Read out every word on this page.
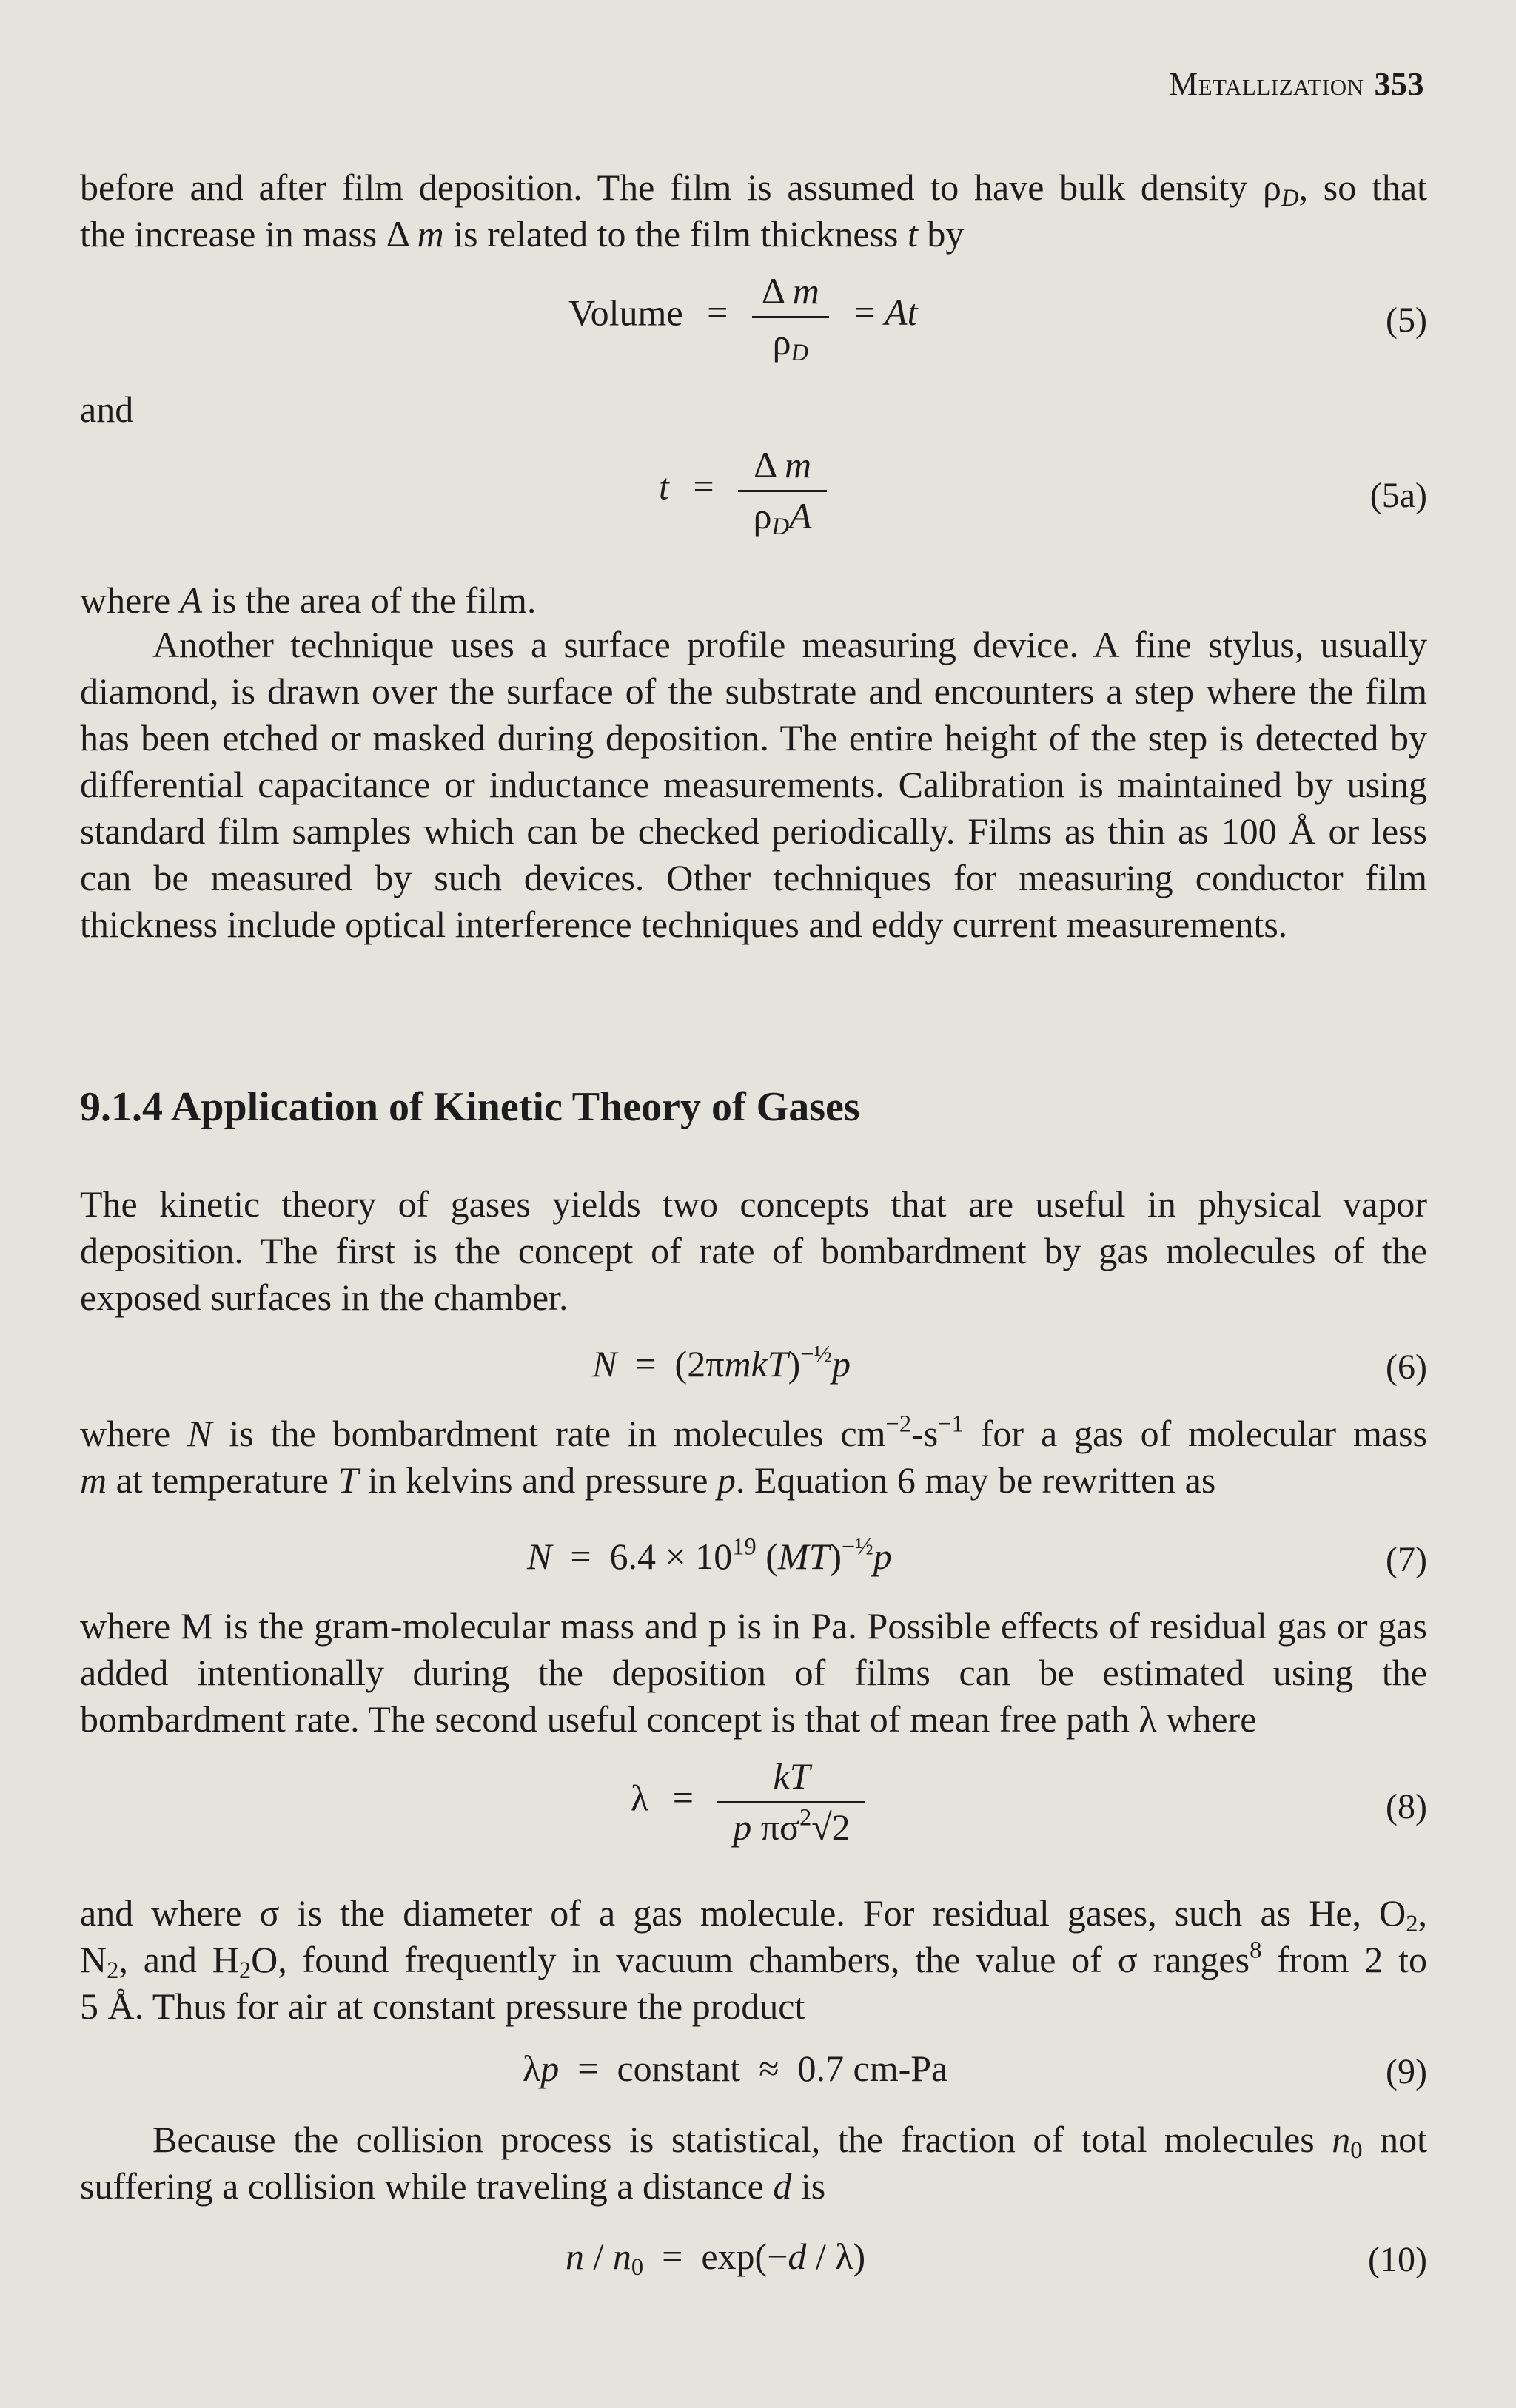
Metallization 353
before and after film deposition. The film is assumed to have bulk density $\rho_D$, so that
the increase in mass Δ m is related to the film thickness t by
Volume = $\frac{\text{Δ m}}{\rho_D} = At$	(5)
and
$t = \frac{\text{Δ m}}{\rho_DA}$	(5a)
where A is the area of the film.
Another technique uses a surface profile measuring device. A fine stylus, usually diamond, is drawn over the surface of the substrate and encounters a step where the film has been etched or masked during deposition. The entire height of the step is detected by differential capacitance or inductance measurements. Calibration is maintained by using standard film samples which can be checked periodically. Films as thin as 100 Å or less can be measured by such devices. Other techniques for measuring conductor film thickness include optical interference techniques and eddy current measurements.
9.1.4 Application of Kinetic Theory of Gases
The kinetic theory of gases yields two concepts that are useful in physical vapor deposition. The first is the concept of rate of bombardment by gas molecules of the exposed surfaces in the chamber.
$N = (2\pi mkT)^{-\frac{1}{2}}p$	(6)
where N is the bombardment rate in molecules $cm^{-2}-s^{-1}$ for a gas of molecular mass
m at temperature T in kelvins and pressure p. Equation 6 may be rewritten as
$N = 6.4 \times 10^{19}$ (MT)$^{-\frac{1}{2}}$p	(7)
where M is the gram-molecular mass and p is in Pa. Possible effects of residual gas or gas added intentionally during the deposition of films can be estimated using the bombardment rate. The second useful concept is that of mean free path λ where
$\lambda = \frac{kT}{p \pi\sigma^2√2}$	(8)
and where σ is the diameter of a gas molecule. For residual gases, such as He, $O_2$,
$N_2$, and $H_2O$, found frequently in vacuum chambers, the value of σ ranges$^8$ from 2 to
5 Å. Thus for air at constant pressure the product
λp  =  constant  ≈  0.7 cm-Pa	(9)
Because the collision process is statistical, the fraction of total molecules $n_0$ not
suffering a collision while traveling a distance d is
$n / n_0 = \exp(-d / \lambda)$	(10)
